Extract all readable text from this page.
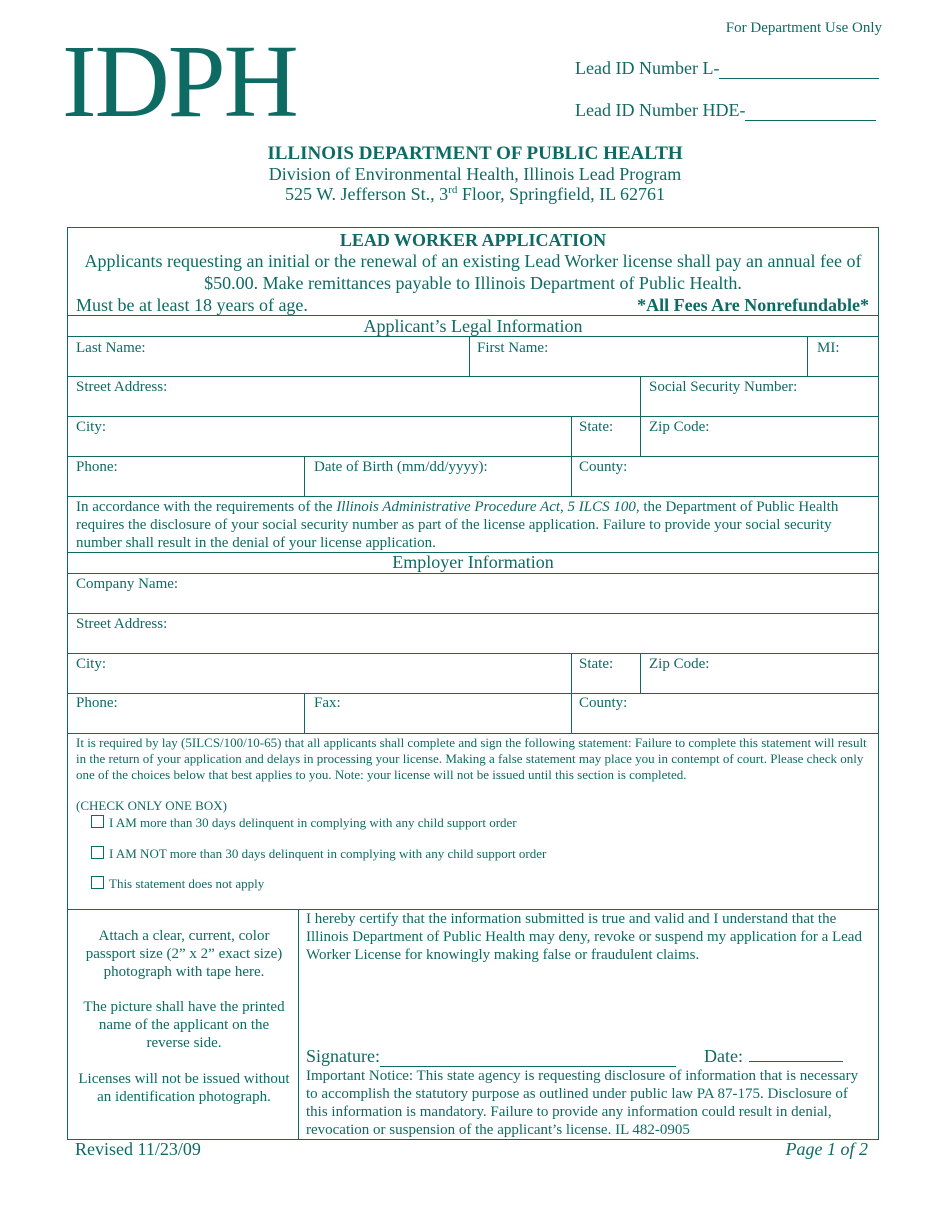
IDPH	For Department Use Only
Lead ID Number L-
Lead ID Number HDE-
ILLINOIS DEPARTMENT OF PUBLIC HEALTH
Division of Environmental Health, Illinois Lead Program
525 W. Jefferson St., 3rd Floor, Springfield, IL 62761
LEAD WORKER APPLICATION
Applicants requesting an initial or the renewal of an existing Lead Worker license shall pay an annual fee of $50.00. Make remittances payable to Illinois Department of Public Health.
Must be at least 18 years of age.	*All Fees Are Nonrefundable*
Applicant’s Legal Information
Last Name:	First Name:	MI:
Street Address:	Social Security Number:
City:	State: Zip Code:
Phone:	Date of Birth (mm/dd/yyyy):	County:
In accordance with the requirements of the Illinois Administrative Procedure Act, 5 ILCS 100, the Department of Public Health requires the disclosure of your social security number as part of the license application. Failure to provide your social security number shall result in the denial of your license application.
Employer Information
Company Name:
Street Address:
City:	State: Zip Code:
Phone:	Fax:	County:
It is required by lay (5ILCS/100/10-65) that all applicants shall complete and sign the following statement: Failure to complete this statement will result in the return of your application and delays in processing your license. Making a false statement may place you in contempt of court. Please check only one of the choices below that best applies to you. Note: your license will not be issued until this section is completed.
(CHECK ONLY ONE BOX)
I AM more than 30 days delinquent in complying with any child support order
I AM NOT more than 30 days delinquent in complying with any child support order
This statement does not apply
Attach a clear, current, color passport size (2” x 2” exact size) photograph with tape here.
The picture shall have the printed name of the applicant on the reverse side.
Licenses will not be issued without an identification photograph.
I hereby certify that the information submitted is true and valid and I understand that the Illinois Department of Public Health may deny, revoke or suspend my application for a Lead Worker License for knowingly making false or fraudulent claims.
Signature:	Date:
Important Notice: This state agency is requesting disclosure of information that is necessary to accomplish the statutory purpose as outlined under public law PA 87-175. Disclosure of this information is mandatory. Failure to provide any information could result in denial, revocation or suspension of the applicant’s license. IL 482-0905
Revised 11/23/09	Page 1 of 2
